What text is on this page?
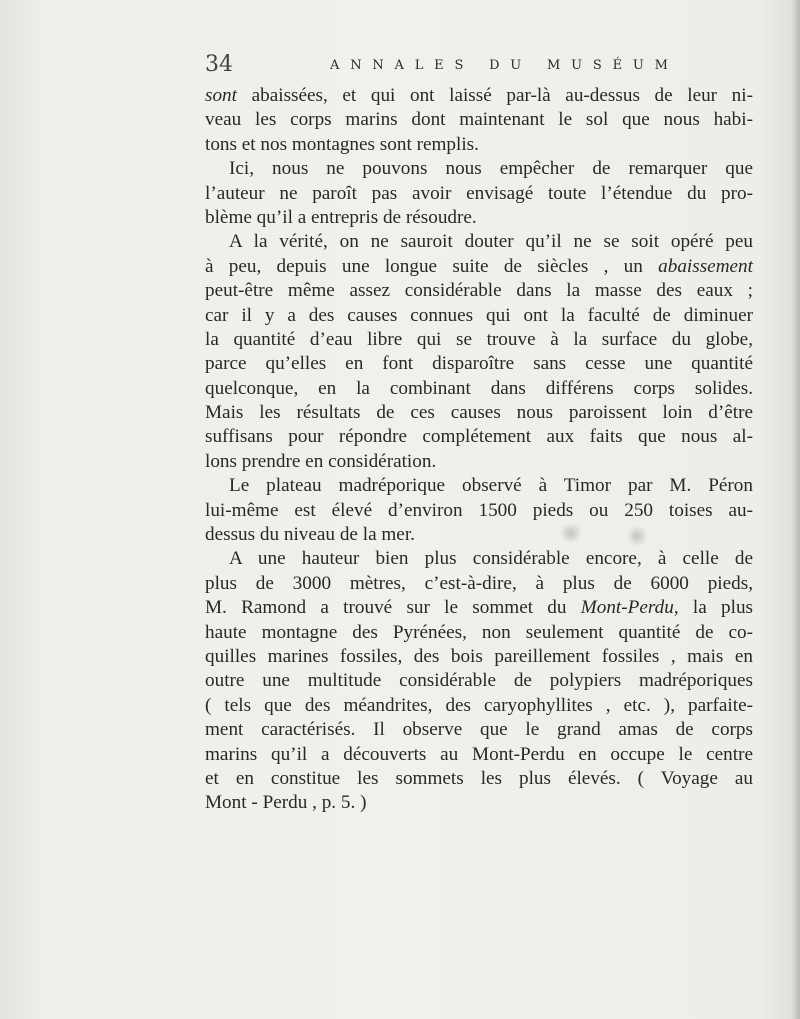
34	ANNALES DU MUSÉUM
sont abaissées, et qui ont laissé par-là au-dessus de leur ni-
veau les corps marins dont maintenant le sol que nous habi-
tons et nos montagnes sont remplis.
Ici, nous ne pouvons nous empêcher de remarquer que
l’auteur ne paroît pas avoir envisagé toute l’étendue du pro-
blème qu’il a entrepris de résoudre.
A la vérité, on ne sauroit douter qu’il ne se soit opéré peu
à peu, depuis une longue suite de siècles , un abaissement
peut-être même assez considérable dans la masse des eaux ;
car il y a des causes connues qui ont la faculté de diminuer
la quantité d’eau libre qui se trouve à la surface du globe,
parce qu’elles en font disparoître sans cesse une quantité
quelconque, en la combinant dans différens corps solides.
Mais les résultats de ces causes nous paroissent loin d’être
suffisans pour répondre complétement aux faits que nous al-
lons prendre en considération.
Le plateau madréporique observé à Timor par M. Péron
lui-même est élevé d’environ 1500 pieds ou 250 toises au-
dessus du niveau de la mer.
A une hauteur bien plus considérable encore, à celle de
plus de 3000 mètres, c’est-à-dire, à plus de 6000 pieds,
M. Ramond a trouvé sur le sommet du Mont-Perdu, la plus
haute montagne des Pyrénées, non seulement quantité de co-
quilles marines fossiles, des bois pareillement fossiles , mais en
outre une multitude considérable de polypiers madréporiques
( tels que des méandrites, des caryophyllites , etc. ), parfaite-
ment caractérisés. Il observe que le grand amas de corps
marins qu’il a découverts au Mont-Perdu en occupe le centre
et en constitue les sommets les plus élevés. ( Voyage au
Mont - Perdu , p. 5. )
